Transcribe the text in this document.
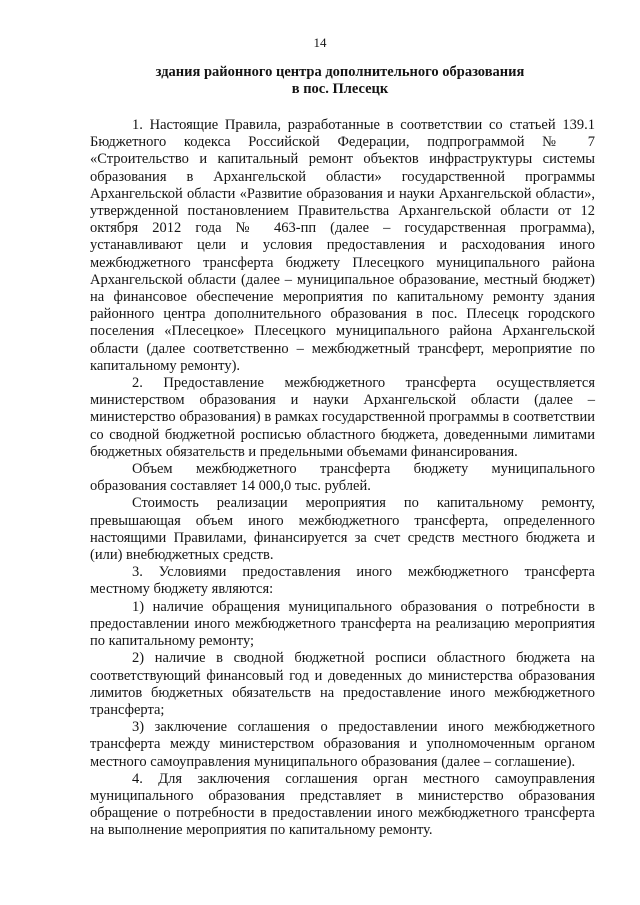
14
здания районного центра дополнительного образования
в пос. Плесецк

1. Настоящие Правила, разработанные в соответствии со статьей 139.1 Бюджетного кодекса Российской Федерации, подпрограммой № 7 «Строительство и капитальный ремонт объектов инфраструктуры системы образования в Архангельской области» государственной программы Архангельской области «Развитие образования и науки Архангельской области», утвержденной постановлением Правительства Архангельской области от 12 октября 2012 года № 463-пп (далее – государственная программа), устанавливают цели и условия предоставления и расходования иного межбюджетного трансферта бюджету Плесецкого муниципального района Архангельской области (далее – муниципальное образование, местный бюджет) на финансовое обеспечение мероприятия по капитальному ремонту здания районного центра дополнительного образования в пос. Плесецк городского поселения «Плесецкое» Плесецкого муниципального района Архангельской области (далее соответственно – межбюджетный трансферт, мероприятие по капитальному ремонту).

2. Предоставление межбюджетного трансферта осуществляется министерством образования и науки Архангельской области (далее – министерство образования) в рамках государственной программы в соответствии со сводной бюджетной росписью областного бюджета, доведенными лимитами бюджетных обязательств и предельными объемами финансирования.

Объем межбюджетного трансферта бюджету муниципального образования составляет 14 000,0 тыс. рублей.

Стоимость реализации мероприятия по капитальному ремонту, превышающая объем иного межбюджетного трансферта, определенного настоящими Правилами, финансируется за счет средств местного бюджета и (или) внебюджетных средств.

3. Условиями предоставления иного межбюджетного трансферта местному бюджету являются:

1) наличие обращения муниципального образования о потребности в предоставлении иного межбюджетного трансферта на реализацию мероприятия по капитальному ремонту;

2) наличие в сводной бюджетной росписи областного бюджета на соответствующий финансовый год и доведенных до министерства образования лимитов бюджетных обязательств на предоставление иного межбюджетного трансферта;

3) заключение соглашения о предоставлении иного межбюджетного трансферта между министерством образования и уполномоченным органом местного самоуправления муниципального образования (далее – соглашение).

4. Для заключения соглашения орган местного самоуправления муниципального образования представляет в министерство образования обращение о потребности в предоставлении иного межбюджетного трансферта на выполнение мероприятия по капитальному ремонту.
